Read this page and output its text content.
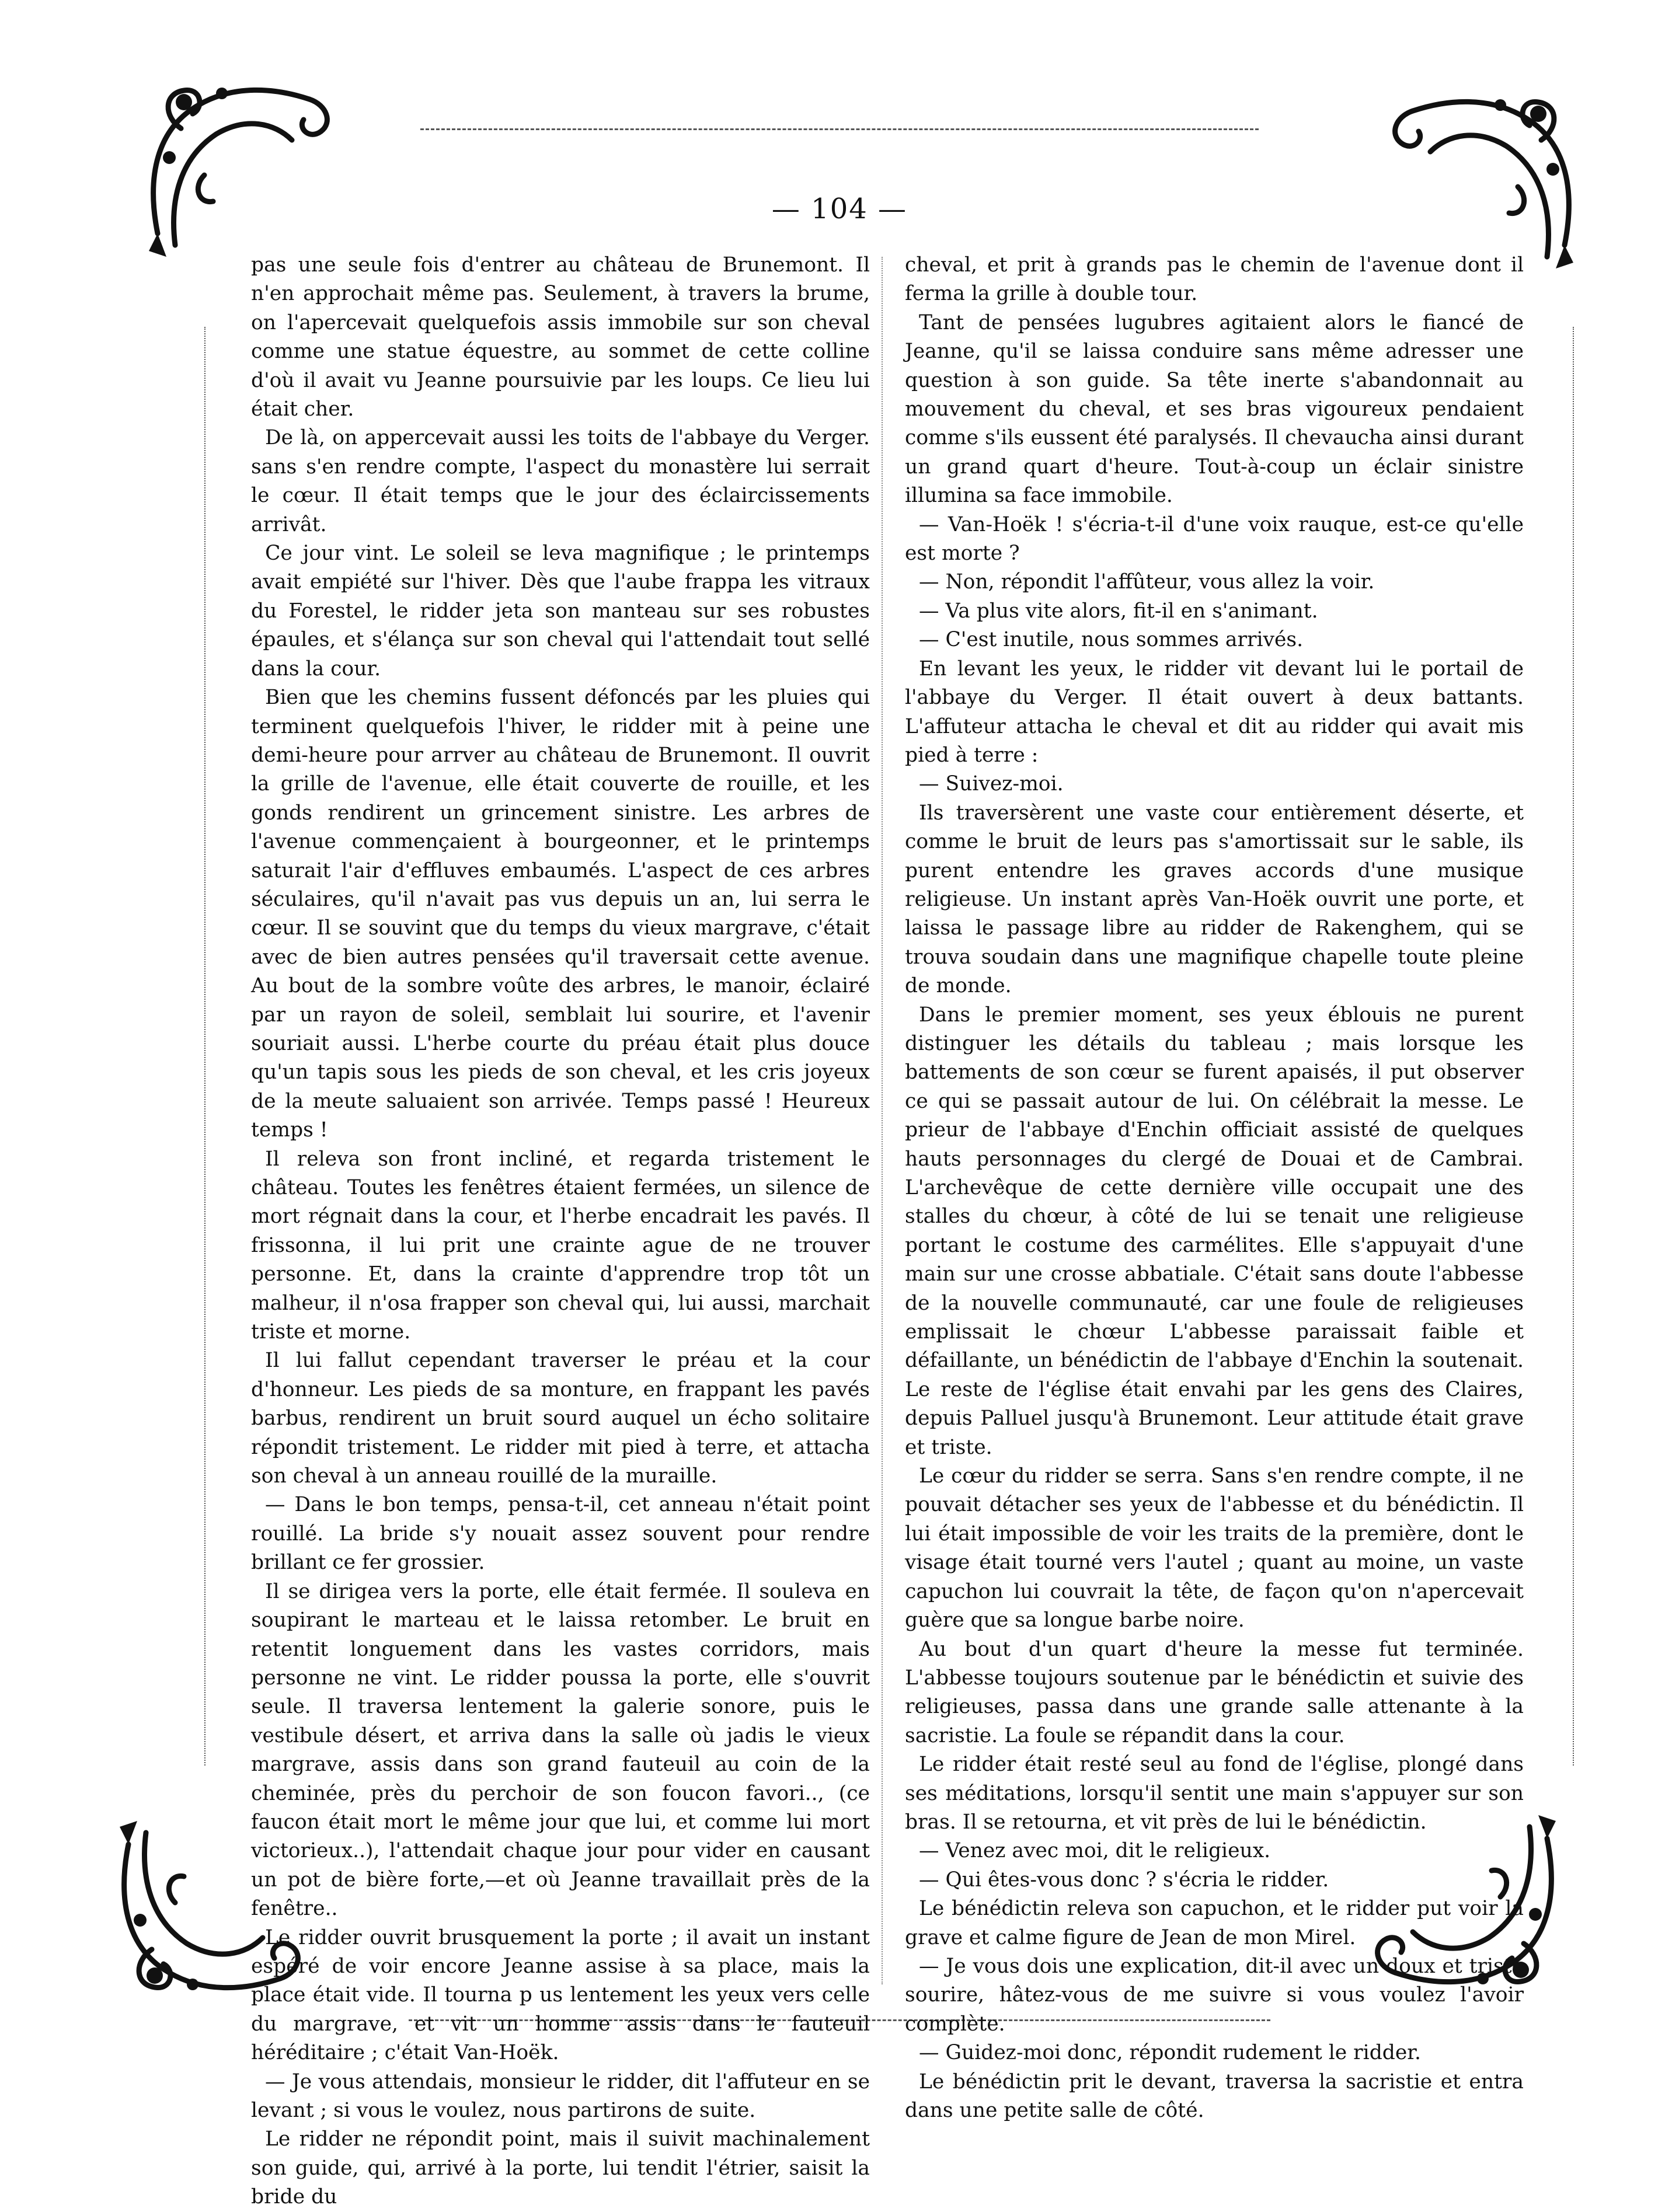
— 104 —

pas une seule fois d'entrer au château de Brunemont. Il n'en approchait même pas. Seulement, à travers la brume, on l'apercevait quelquefois assis immobile sur son cheval comme une statue équestre, au sommet de cette colline d'où il avait vu Jeanne poursuivie par les loups. Ce lieu lui était cher.

De là, on appercevait aussi les toits de l'abbaye du Verger. sans s'en rendre compte, l'aspect du monastère lui serrait le cœur. Il était temps que le jour des éclaircissements arrivât.

Ce jour vint. Le soleil se leva magnifique ; le printemps avait empiété sur l'hiver. Dès que l'aube frappa les vitraux du Forestel, le ridder jeta son manteau sur ses robustes épaules, et s'élança sur son cheval qui l'attendait tout sellé dans la cour.

Bien que les chemins fussent défoncés par les pluies qui terminent quelquefois l'hiver, le ridder mit à peine une demi-heure pour arrver au château de Brunemont. Il ouvrit la grille de l'avenue, elle était couverte de rouille, et les gonds rendirent un grincement sinistre. Les arbres de l'avenue commençaient à bourgeonner, et le printemps saturait l'air d'effluves embaumés. L'aspect de ces arbres séculaires, qu'il n'avait pas vus depuis un an, lui serra le cœur. Il se souvint que du temps du vieux margrave, c'était avec de bien autres pensées qu'il traversait cette avenue. Au bout de la sombre voûte des arbres, le manoir, éclairé par un rayon de soleil, semblait lui sourire, et l'avenir souriait aussi. L'herbe courte du préau était plus douce qu'un tapis sous les pieds de son cheval, et les cris joyeux de la meute saluaient son arrivée. Temps passé ! Heureux temps !

Il releva son front incliné, et regarda tristement le château. Toutes les fenêtres étaient fermées, un silence de mort régnait dans la cour, et l'herbe encadrait les pavés. Il frissonna, il lui prit une crainte ague de ne trouver personne. Et, dans la crainte d'apprendre trop tôt un malheur, il n'osa frapper son cheval qui, lui aussi, marchait triste et morne.

Il lui fallut cependant traverser le préau et la cour d'honneur. Les pieds de sa monture, en frappant les pavés barbus, rendirent un bruit sourd auquel un écho solitaire répondit tristement. Le ridder mit pied à terre, et attacha son cheval à un anneau rouillé de la muraille.

— Dans le bon temps, pensa-t-il, cet anneau n'était point rouillé. La bride s'y nouait assez souvent pour rendre brillant ce fer grossier.

Il se dirigea vers la porte, elle était fermée. Il souleva en soupirant le marteau et le laissa retomber. Le bruit en retentit longuement dans les vastes corridors, mais personne ne vint. Le ridder poussa la porte, elle s'ouvrit seule. Il traversa lentement la galerie sonore, puis le vestibule désert, et arriva dans la salle où jadis le vieux margrave, assis dans son grand fauteuil au coin de la cheminée, près du perchoir de son foucon favori.., (ce faucon était mort le même jour que lui, et comme lui mort victorieux..), l'attendait chaque jour pour vider en causant un pot de bière forte,—et où Jeanne travaillait près de la fenêtre..

Le ridder ouvrit brusquement la porte ; il avait un instant espéré de voir encore Jeanne assise à sa place, mais la place était vide. Il tourna p us lentement les yeux vers celle du margrave, et vit un homme assis dans le fauteuil héréditaire ; c'était Van-Hoëk.

— Je vous attendais, monsieur le ridder, dit l'affuteur en se levant ; si vous le voulez, nous partirons de suite.

Le ridder ne répondit point, mais il suivit machinalement son guide, qui, arrivé à la porte, lui tendit l'étrier, saisit la bride du

cheval, et prit à grands pas le chemin de l'avenue dont il ferma la grille à double tour.

Tant de pensées lugubres agitaient alors le fiancé de Jeanne, qu'il se laissa conduire sans même adresser une question à son guide. Sa tête inerte s'abandonnait au mouvement du cheval, et ses bras vigoureux pendaient comme s'ils eussent été paralysés. Il chevaucha ainsi durant un grand quart d'heure. Tout-à-coup un éclair sinistre illumina sa face immobile.

— Van-Hoëk ! s'écria-t-il d'une voix rauque, est-ce qu'elle est morte ?

— Non, répondit l'affûteur, vous allez la voir.

— Va plus vite alors, fit-il en s'animant.

— C'est inutile, nous sommes arrivés.

En levant les yeux, le ridder vit devant lui le portail de l'abbaye du Verger. Il était ouvert à deux battants. L'affuteur attacha le cheval et dit au ridder qui avait mis pied à terre :

— Suivez-moi.

Ils traversèrent une vaste cour entièrement déserte, et comme le bruit de leurs pas s'amortissait sur le sable, ils purent entendre les graves accords d'une musique religieuse. Un instant après Van-Hoëk ouvrit une porte, et laissa le passage libre au ridder de Rakenghem, qui se trouva soudain dans une magnifique chapelle toute pleine de monde.

Dans le premier moment, ses yeux éblouis ne purent distinguer les détails du tableau ; mais lorsque les battements de son cœur se furent apaisés, il put observer ce qui se passait autour de lui. On célébrait la messe. Le prieur de l'abbaye d'Enchin officiait assisté de quelques hauts personnages du clergé de Douai et de Cambrai. L'archevêque de cette dernière ville occupait une des stalles du chœur, à côté de lui se tenait une religieuse portant le costume des carmélites. Elle s'appuyait d'une main sur une crosse abbatiale. C'était sans doute l'abbesse de la nouvelle communauté, car une foule de religieuses emplissait le chœur L'abbesse paraissait faible et défaillante, un bénédictin de l'abbaye d'Enchin la soutenait. Le reste de l'église était envahi par les gens des Claires, depuis Palluel jusqu'à Brunemont. Leur attitude était grave et triste.

Le cœur du ridder se serra. Sans s'en rendre compte, il ne pouvait détacher ses yeux de l'abbesse et du bénédictin. Il lui était impossible de voir les traits de la première, dont le visage était tourné vers l'autel ; quant au moine, un vaste capuchon lui couvrait la tête, de façon qu'on n'apercevait guère que sa longue barbe noire.

Au bout d'un quart d'heure la messe fut terminée. L'abbesse toujours soutenue par le bénédictin et suivie des religieuses, passa dans une grande salle attenante à la sacristie. La foule se répandit dans la cour.

Le ridder était resté seul au fond de l'église, plongé dans ses méditations, lorsqu'il sentit une main s'appuyer sur son bras. Il se retourna, et vit près de lui le bénédictin.

— Venez avec moi, dit le religieux.

— Qui êtes-vous donc ? s'écria le ridder.

Le bénédictin releva son capuchon, et le ridder put voir la grave et calme figure de Jean de mon Mirel.

— Je vous dois une explication, dit-il avec un doux et triste sourire, hâtez-vous de me suivre si vous voulez l'avoir complète.

— Guidez-moi donc, répondit rudement le ridder.

Le bénédictin prit le devant, traversa la sacristie et entra dans une petite salle de côté.
